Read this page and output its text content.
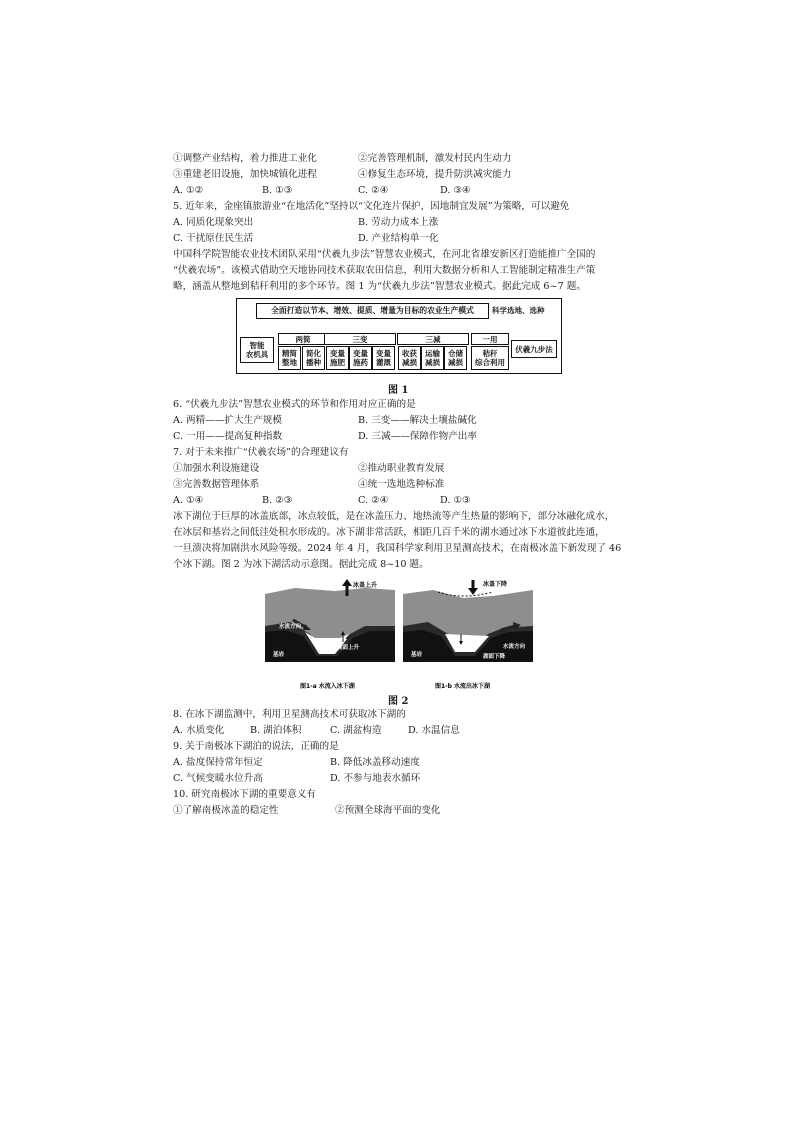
①调整产业结构，着力推进工业化	②完善管理机制，激发村民内生动力
③重建老旧设施，加快城镇化进程	④修复生态环境，提升防洪减灾能力
A. ①②	B. ①③	C. ②④	D. ③④
5. 近年来，金座镇旅游业“在地活化”坚持以“文化连片保护，因地制宜发展”为策略，可以避免
A. 同质化现象突出	B. 劳动力成本上涨
C. 干扰原住民生活	D. 产业结构单一化
中国科学院智能农业技术团队采用“伏羲九步法”智慧农业模式，在河北省雄安新区打造能推广全国的
“伏羲农场”。该模式借助空天地协同技术获取农田信息，利用大数据分析和人工智能制定精准生产策
略，涵盖从整地到秸秆利用的多个环节。图 1 为“伏羲九步法”智慧农业模式。据此完成 6~7 题。
全面打造以节本、增效、提质、增量为目标的农业生产模式	科学选地、选种
智能
农机具
伏羲九步法
两简	三变	三减	一用
精简
整地
简化
播种
变量
施肥
变量
施药
变量
灌溉
收获
减损
运输
减损
仓储
减损
秸秆
综合利用
图 1
6. “伏羲九步法”智慧农业模式的环节和作用对应正确的是
A. 两精——扩大生产规模	B. 三变——解决土壤盐碱化
C. 一用——提高复种指数	D. 三减——保障作物产出率
7. 对于未来推广“伏羲农场”的合理建议有
①加强水利设施建设	②推动职业教育发展
③完善数据管理体系	④统一选地选种标准
A. ①④	B. ②③	C. ②④	D. ①③
冰下湖位于巨厚的冰盖底部，冰点较低，是在冰盖压力、地热流等产生热量的影响下，部分冰融化成水，
在冰层和基岩之间低洼处积水形成的。冰下湖非常活跃，相距几百千米的湖水通过冰下水道彼此连通，
一旦溃决将加剧洪水风险等级。2024 年 4 月，我国科学家利用卫星测高技术，在南极冰盖下新发现了 46
个冰下湖。图 2 为冰下湖活动示意图。据此完成 8~10 题。
冰盖上升
水流方向
湖面上升
基岩
图1-a 水流入冰下湖
冰盖下降
水流方向
湖面下降
基岩
图1-b 水流出冰下湖
图 2
8. 在冰下湖监测中，利用卫星测高技术可获取冰下湖的
A. 水质变化	B. 湖泊体积	C. 湖盆构造	D. 水温信息
9. 关于南极冰下湖泊的说法，正确的是
A. 盐度保持常年恒定	B. 降低冰盖移动速度
C. 气候变暖水位升高	D. 不参与地表水循环
10. 研究南极冰下湖的重要意义有
①了解南极冰盖的稳定性	②预测全球海平面的变化
